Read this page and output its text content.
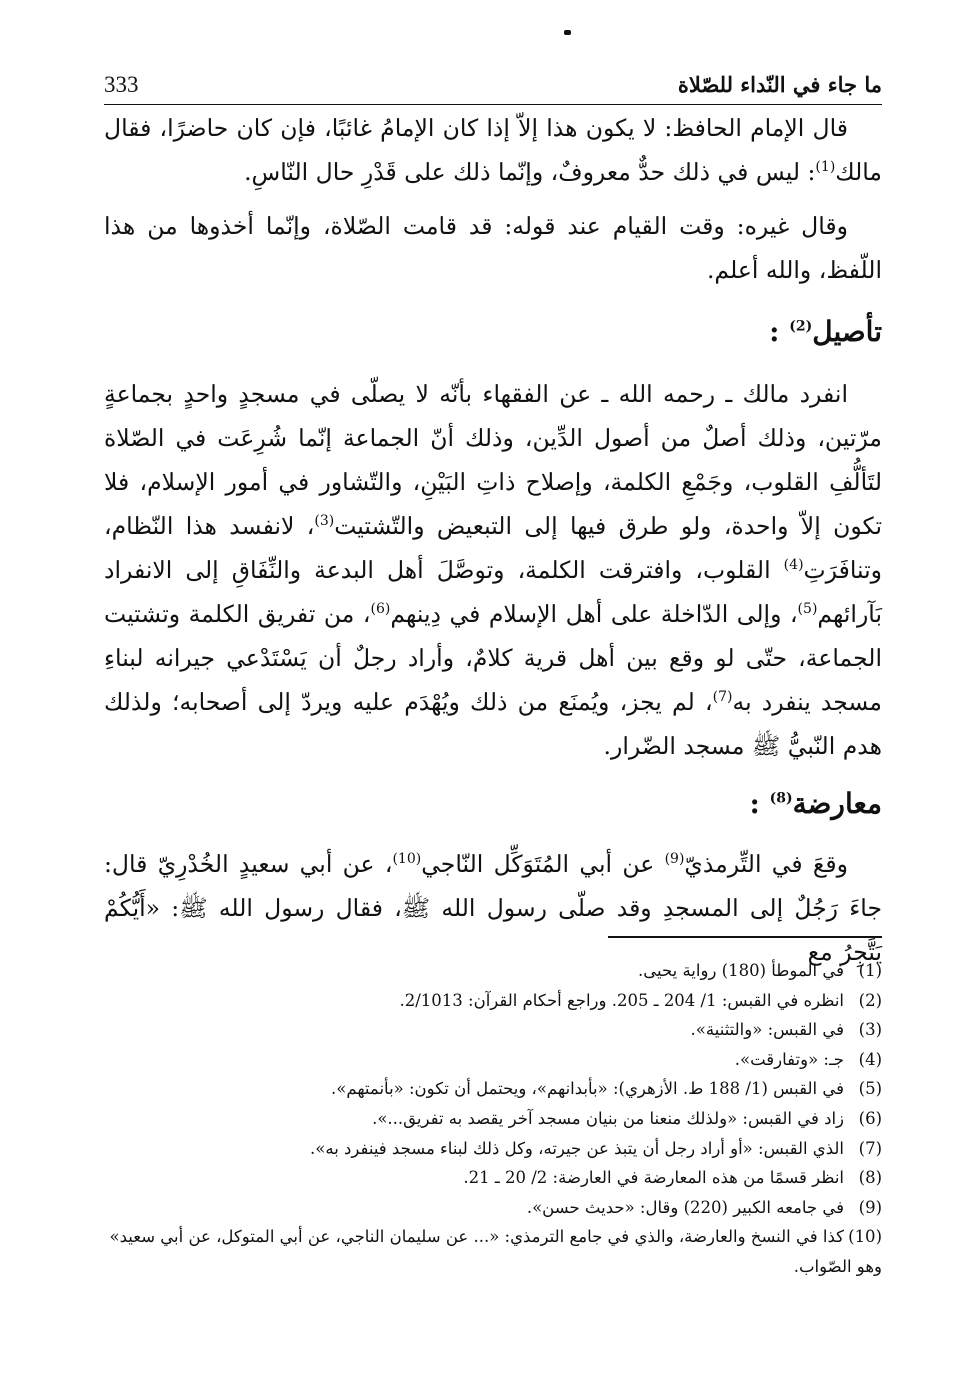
ما جاء في النّداء للصّلاة
333

قال الإمام الحافظ: لا يكون هذا إلاّ إذا كان الإمامُ غائبًا، فإن كان حاضرًا، فقال مالك$^{(1)}$: ليس في ذلك حدٌّ معروفٌ، وإنّما ذلك على قَدْرِ حال النّاسِ.

وقال غيره: وقت القيام عند قوله: قد قامت الصّلاة، وإنّما أخذوها من هذا اللّفظ، والله أعلم.

تأصيل$^{(2)}$ :

انفرد مالك ـ رحمه الله ـ عن الفقهاء بأنّه لا يصلّى في مسجدٍ واحدٍ بجماعةٍ مرّتين، وذلك أصلٌ من أصول الدِّين، وذلك أنّ الجماعة إنّما شُرِعَت في الصّلاة لتَألُّفِ القلوب، وجَمْعِ الكلمة، وإصلاح ذاتِ البَيْنِ، والتّشاور في أمور الإسلام، فلا تكون إلاّ واحدة، ولو طرق فيها إلى التبعيض والتّشتيت$^{(3)}$، لانفسد هذا النّظام، وتنافَرَتِ$^{(4)}$ القلوب، وافترقت الكلمة، وتوصَّلَ أهل البدعة والنِّفَاقِ إلى الانفراد بَآرائهم$^{(5)}$، وإلى الدّاخلة على أهل الإسلام في دِينهم$^{(6)}$، من تفريق الكلمة وتشتيت الجماعة، حتّى لو وقع بين أهل قرية كلامٌ، وأراد رجلٌ أن يَسْتَدْعي جيرانه لبناءِ مسجد ينفرد به$^{(7)}$، لم يجز، ويُمنَع من ذلك ويُهْدَم عليه ويردّ إلى أصحابه؛ ولذلك هدم النّبيُّ ﷺ مسجد الضّرار.

معارضة$^{(8)}$ :

وقعَ في التِّرمذيّ$^{(9)}$ عن أبي المُتَوَكِّل النّاجي$^{(10)}$، عن أبي سعيدٍ الخُدْرِيّ قال: جاءَ رَجُلٌ إلى المسجدِ وقد صلّى رسول الله ﷺ، فقال رسول الله ﷺ: «أَيُّكُمْ يَتَّجِرُ مع

(1)في الموطأ (180) رواية يحيى.

(2)انظره في القبس: 1/ 204 ـ 205. وراجع أحكام القرآن: 2/1013.

(3)في القبس: «والتثنية».

(4)جـ: «وتفارقت».

(5)في القبس (1/ 188 ط. الأزهري): «بأبدانهم»، ويحتمل أن تكون: «بأنمتهم».

(6)زاد في القبس: «ولذلك منعنا من بنيان مسجد آخر يقصد به تفريق...».

(7)الذي القبس: «أو أراد رجل أن يتبذ عن جيرته، وكل ذلك لبناء مسجد فينفرد به».

(8)انظر قسمًا من هذه المعارضة في العارضة: 2/ 20 ـ 21.

(9)في جامعه الكبير (220) وقال: «حديث حسن».

(10)كذا في النسخ والعارضة، والذي في جامع الترمذي: «... عن سليمان الناجي، عن أبي المتوكل، عن أبي سعيد» وهو الصّواب.
